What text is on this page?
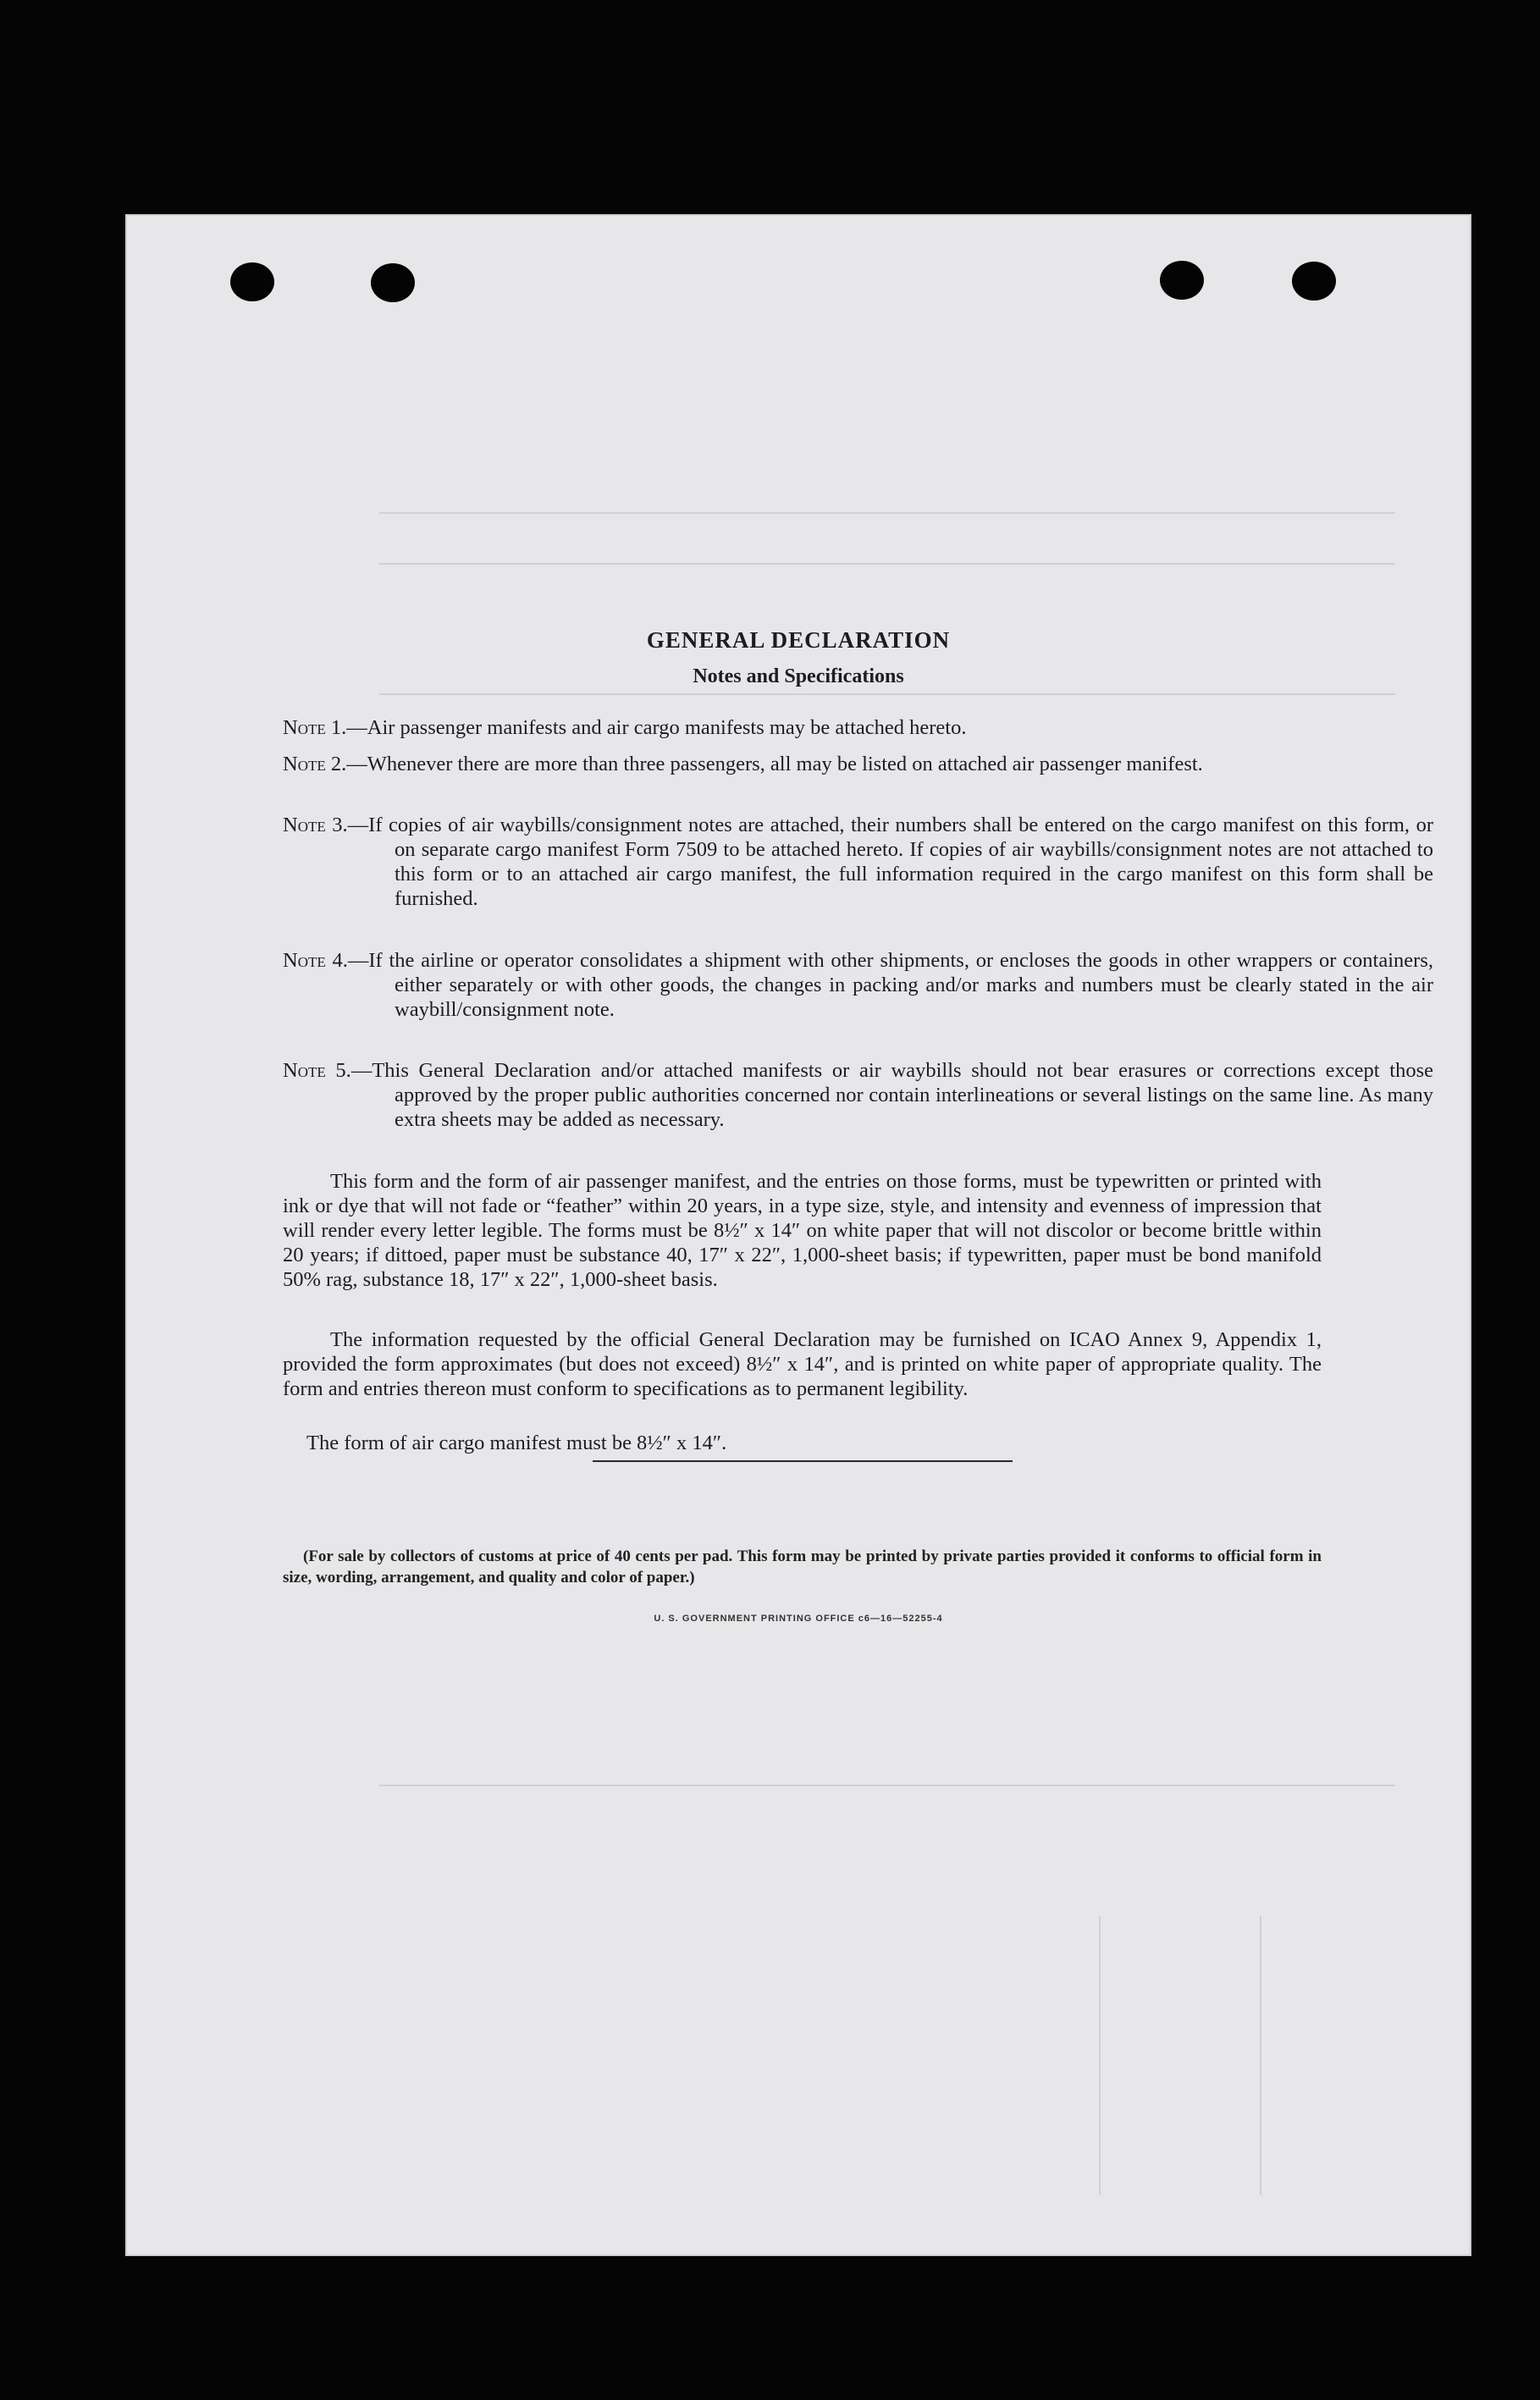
GENERAL DECLARATION
Notes and Specifications
Note 1.—Air passenger manifests and air cargo manifests may be attached hereto.
Note 2.—Whenever there are more than three passengers, all may be listed on attached air passenger manifest.
Note 3.—If copies of air waybills/consignment notes are attached, their numbers shall be entered on the cargo manifest on this form, or on separate cargo manifest Form 7509 to be attached hereto. If copies of air waybills/consignment notes are not attached to this form or to an attached air cargo manifest, the full information required in the cargo manifest on this form shall be furnished.
Note 4.—If the airline or operator consolidates a shipment with other shipments, or encloses the goods in other wrappers or containers, either separately or with other goods, the changes in packing and/or marks and numbers must be clearly stated in the air waybill/consignment note.
Note 5.—This General Declaration and/or attached manifests or air waybills should not bear erasures or corrections except those approved by the proper public authorities concerned nor contain interlineations or several listings on the same line. As many extra sheets may be added as necessary.
This form and the form of air passenger manifest, and the entries on those forms, must be typewritten or printed with ink or dye that will not fade or “feather” within 20 years, in a type size, style, and intensity and evenness of impression that will render every letter legible. The forms must be 8½″ x 14″ on white paper that will not discolor or become brittle within 20 years; if dittoed, paper must be substance 40, 17″ x 22″, 1,000-sheet basis; if typewritten, paper must be bond manifold 50% rag, substance 18, 17″ x 22″, 1,000-sheet basis.
The information requested by the official General Declaration may be furnished on ICAO Annex 9, Appendix 1, provided the form approximates (but does not exceed) 8½″ x 14″, and is printed on white paper of appropriate quality. The form and entries thereon must conform to specifications as to permanent legibility.
The form of air cargo manifest must be 8½″ x 14″.
(For sale by collectors of customs at price of 40 cents per pad. This form may be printed by private parties provided it conforms to official form in size, wording, arrangement, and quality and color of paper.)
U. S. GOVERNMENT PRINTING OFFICE c6—16—52255-4
